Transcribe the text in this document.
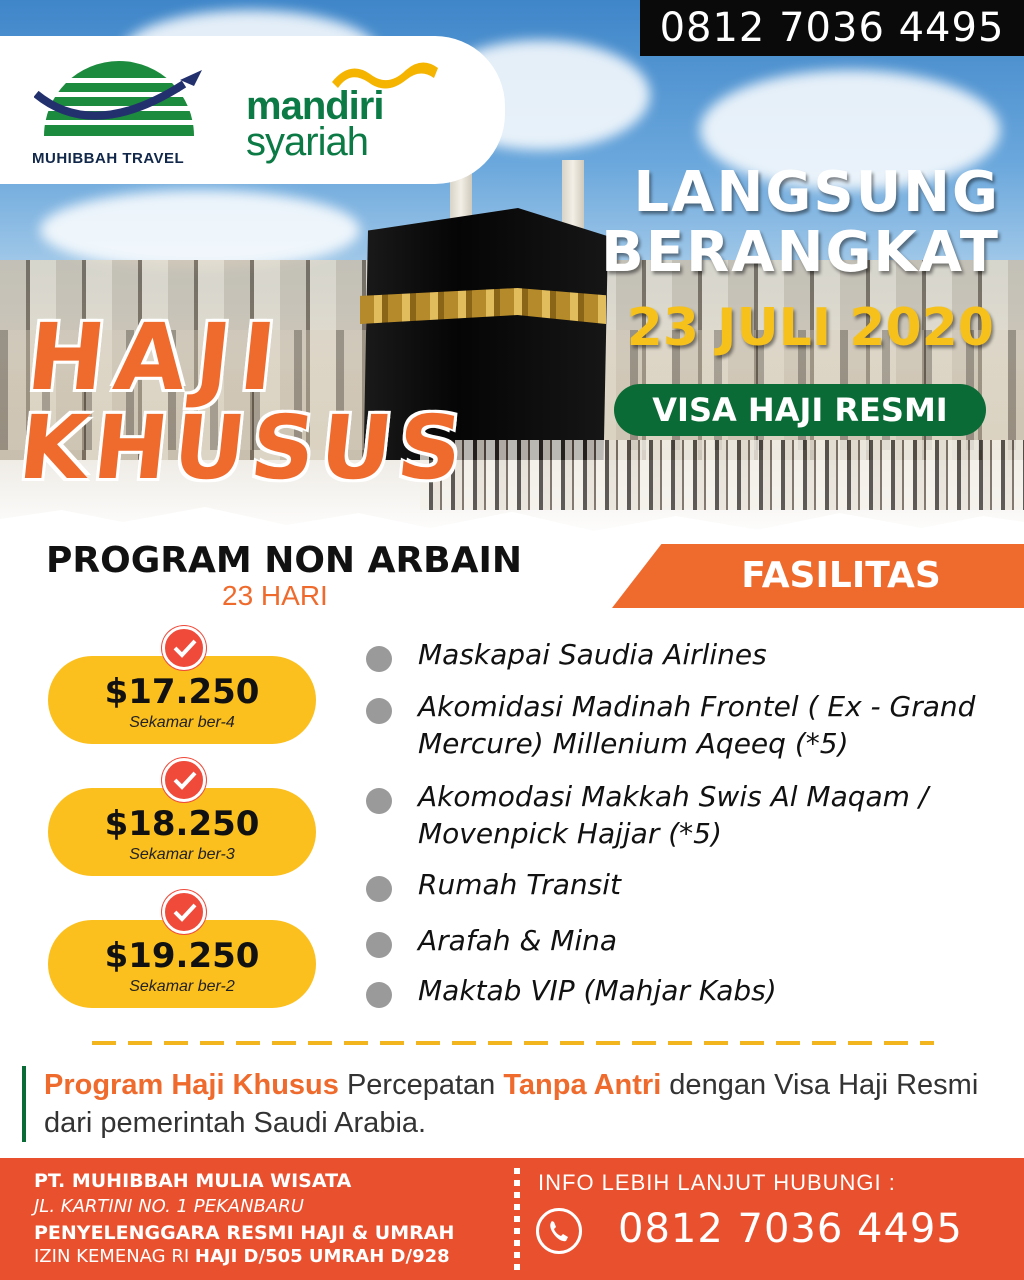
MUHIBBAH TRAVEL
mandiri
syariah
0812 7036 4495
LANGSUNG
BERANGKAT
23 JULI 2020
VISA HAJI RESMI
HAJI
KHUSUS
PROGRAM NON ARBAIN
23 HARI	FASILITAS
$17.250
Sekamar ber-4
$18.250
Sekamar ber-3
$19.250
Sekamar ber-2
Maskapai Saudia Airlines
Akomidasi Madinah Frontel ( Ex - Grand Mercure) Millenium Aqeeq (*5)
Akomodasi Makkah Swis Al Maqam / Movenpick Hajjar (*5)
Rumah Transit
Arafah & Mina
Maktab VIP (Mahjar Kabs)
Program Haji Khusus Percepatan Tanpa Antri dengan Visa Haji Resmi dari pemerintah Saudi Arabia.
PT. MUHIBBAH MULIA WISATA
JL. KARTINI NO. 1 PEKANBARU
PENYELENGGARA RESMI HAJI & UMRAH
IZIN KEMENAG RI HAJI D/505 UMRAH D/928
INFO LEBIH LANJUT HUBUNGI :
0812 7036 4495
